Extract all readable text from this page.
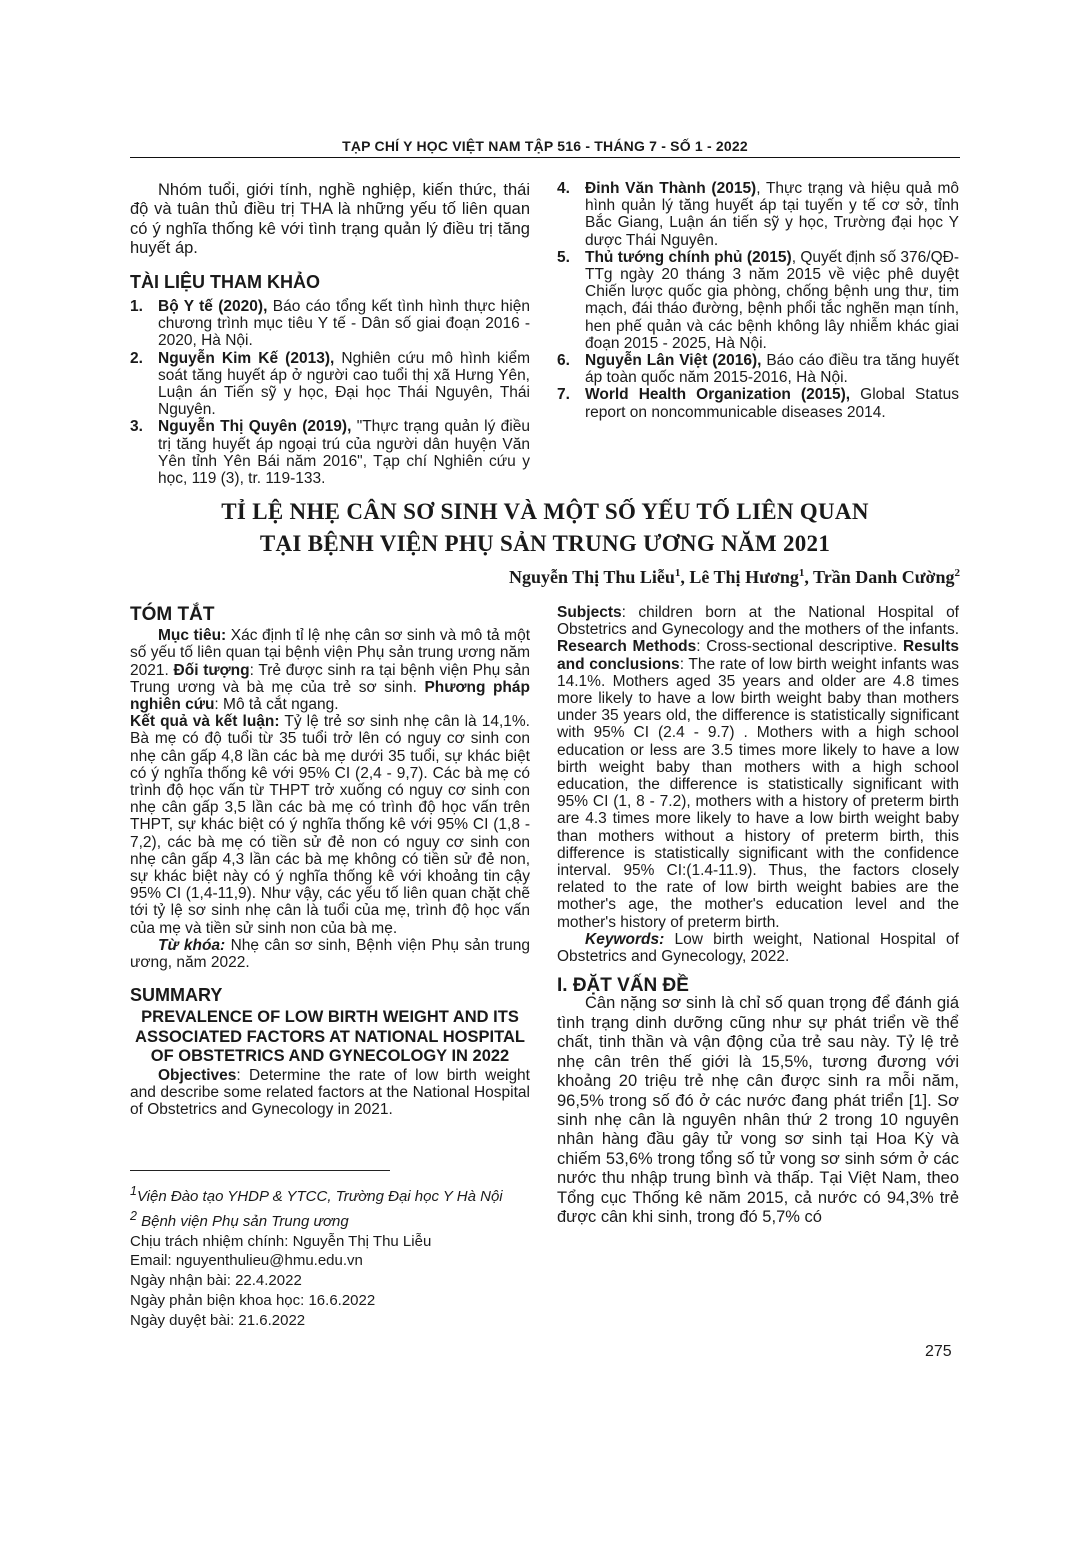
TẠP CHÍ Y HỌC VIỆT NAM TẬP 516 - THÁNG 7 - SỐ 1 - 2022

Nhóm tuổi, giới tính, nghề nghiệp, kiến thức, thái độ và tuân thủ điều trị THA là những yếu tố liên quan có ý nghĩa thống kê với tình trạng quản lý điều trị tăng huyết áp.

TÀI LIỆU THAM KHẢO

1. Bộ Y tế (2020), Báo cáo tổng kết tình hình thực hiện chương trình mục tiêu Y tế - Dân số giai đoạn 2016 - 2020, Hà Nội.
2. Nguyễn Kim Kế (2013), Nghiên cứu mô hình kiểm soát tăng huyết áp ở người cao tuổi thị xã Hưng Yên, Luận án Tiến sỹ y học, Đại học Thái Nguyên, Thái Nguyên.
3. Nguyễn Thị Quyên (2019), "Thực trạng quản lý điều trị tăng huyết áp ngoại trú của người dân huyện Văn Yên tỉnh Yên Bái năm 2016", Tạp chí Nghiên cứu y học, 119 (3), tr. 119-133.
4. Đinh Văn Thành (2015), Thực trạng và hiệu quả mô hình quản lý tăng huyết áp tại tuyến y tế cơ sở, tỉnh Bắc Giang, Luận án tiến sỹ y học, Trường đại học Y dược Thái Nguyên.
5. Thủ tướng chính phủ (2015), Quyết định số 376/QĐ-TTg ngày 20 tháng 3 năm 2015 về việc phê duyệt Chiến lược quốc gia phòng, chống bệnh ung thư, tim mạch, đái tháo đường, bệnh phổi tắc nghẽn mạn tính, hen phế quản và các bệnh không lây nhiễm khác giai đoạn 2015 - 2025, Hà Nội.
6. Nguyễn Lân Việt (2016), Báo cáo điều tra tăng huyết áp toàn quốc năm 2015-2016, Hà Nội.
7. World Health Organization (2015), Global Status report on noncommunicable diseases 2014.
TỈ LỆ NHẸ CÂN SƠ SINH VÀ MỘT SỐ YẾU TỐ LIÊN QUAN
TẠI BỆNH VIỆN PHỤ SẢN TRUNG ƯƠNG NĂM 2021
Nguyễn Thị Thu Liễu$^1$, Lê Thị Hương$^1$, Trần Danh Cường$^2$

TÓM TẮT

Mục tiêu: Xác định tỉ lệ nhẹ cân sơ sinh và mô tả một số yếu tố liên quan tại bệnh viện Phụ sản trung ương năm 2021. Đối tượng: Trẻ được sinh ra tại bệnh viện Phụ sản Trung ương và bà mẹ của trẻ sơ sinh. Phương pháp nghiên cứu: Mô tả cắt ngang.

Kết quả và kết luận: Tỷ lệ trẻ sơ sinh nhẹ cân là 14,1%. Bà mẹ có độ tuổi từ 35 tuổi trở lên có nguy cơ sinh con nhẹ cân gấp 4,8 lần các bà mẹ dưới 35 tuổi, sự khác biệt có ý nghĩa thống kê với 95% CI (2,4 - 9,7). Các bà mẹ có trình độ học vấn từ THPT trở xuống có nguy cơ sinh con nhẹ cân gấp 3,5 lần các bà mẹ có trình độ học vấn trên THPT, sự khác biệt có ý nghĩa thống kê với 95% CI (1,8 - 7,2), các bà mẹ có tiền sử đẻ non có nguy cơ sinh con nhẹ cân gấp 4,3 lần các bà mẹ không có tiền sử đẻ non, sự khác biệt này có ý nghĩa thống kê với khoảng tin cậy 95% CI (1,4-11,9). Như vậy, các yếu tố liên quan chặt chẽ tới tỷ lệ sơ sinh nhẹ cân là tuổi của mẹ, trình độ học vấn của mẹ và tiền sử sinh non của bà mẹ.

Từ khóa: Nhẹ cân sơ sinh, Bệnh viện Phụ sản trung ương, năm 2022.

SUMMARY

PREVALENCE OF LOW BIRTH WEIGHT AND ITS ASSOCIATED FACTORS AT NATIONAL HOSPITAL OF OBSTETRICS AND GYNECOLOGY IN 2022

Objectives: Determine the rate of low birth weight and describe some related factors at the National Hospital of Obstetrics and Gynecology in 2021.

Subjects: children born at the National Hospital of Obstetrics and Gynecology and the mothers of the infants. Research Methods: Cross-sectional descriptive. Results and conclusions: The rate of low birth weight infants was 14.1%. Mothers aged 35 years and older are 4.8 times more likely to have a low birth weight baby than mothers under 35 years old, the difference is statistically significant with 95% CI (2.4 - 9.7) . Mothers with a high school education or less are 3.5 times more likely to have a low birth weight baby than mothers with a high school education, the difference is statistically significant with 95% CI (1, 8 - 7.2), mothers with a history of preterm birth are 4.3 times more likely to have a low birth weight baby than mothers without a history of preterm birth, this difference is statistically significant with the confidence interval. 95% CI:(1.4-11.9). Thus, the factors closely related to the rate of low birth weight babies are the mother's age, the mother's education level and the mother's history of preterm birth.

Keywords: Low birth weight, National Hospital of Obstetrics and Gynecology, 2022.

I. ĐẶT VẤN ĐỀ

Cân nặng sơ sinh là chỉ số quan trọng để đánh giá tình trạng dinh dưỡng cũng như sự phát triển về thể chất, tinh thần và vận động của trẻ sau này. Tỷ lệ trẻ nhẹ cân trên thế giới là 15,5%, tương đương với khoảng 20 triệu trẻ nhẹ cân được sinh ra mỗi năm, 96,5% trong số đó ở các nước đang phát triển [1]. Sơ sinh nhẹ cân là nguyên nhân thứ 2 trong 10 nguyên nhân hàng đầu gây tử vong sơ sinh tại Hoa Kỳ và chiếm 53,6% trong tổng số tử vong sơ sinh sớm ở các nước thu nhập trung bình và thấp. Tại Việt Nam, theo Tổng cục Thống kê năm 2015, cả nước có 94,3% trẻ được cân khi sinh, trong đó 5,7% có

$^1$Viện Đào tạo YHDP & YTCC, Trường Đại học Y Hà Nội
$^2$ Bệnh viện Phụ sản Trung ương
Chịu trách nhiệm chính: Nguyễn Thị Thu Liễu
Email: nguyenthulieu@hmu.edu.vn
Ngày nhận bài: 22.4.2022
Ngày phản biện khoa học: 16.6.2022
Ngày duyệt bài: 21.6.2022
275
